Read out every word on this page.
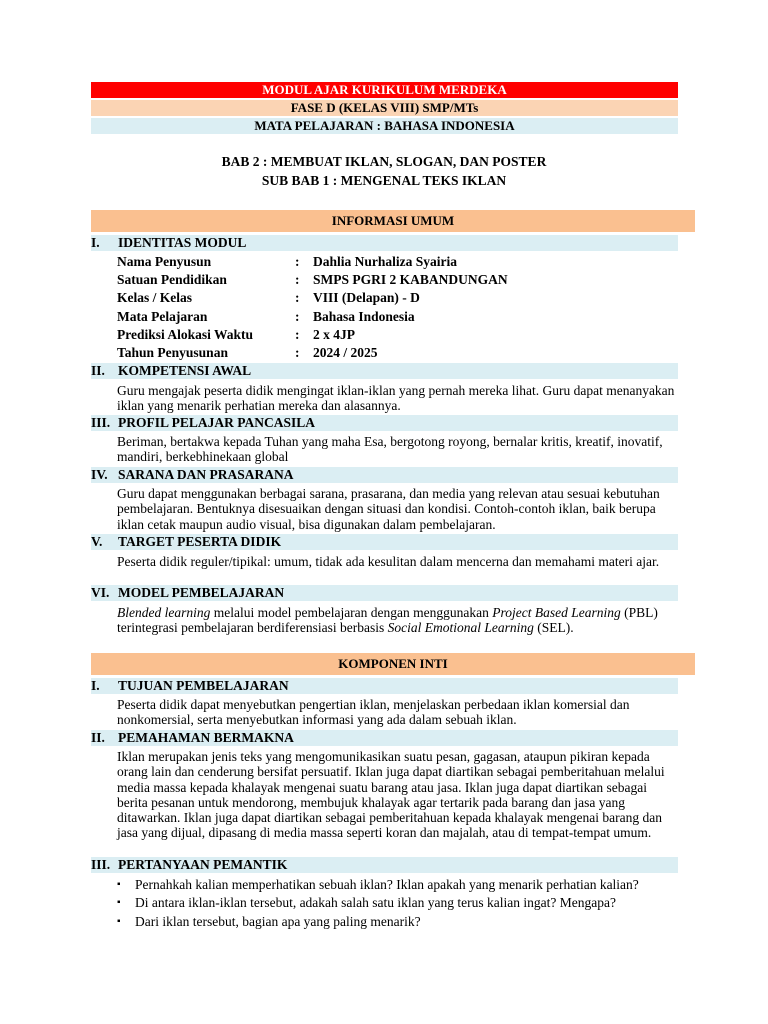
MODUL AJAR KURIKULUM MERDEKA
FASE D (KELAS VIII) SMP/MTs
MATA PELAJARAN : BAHASA INDONESIA
BAB 2 : MEMBUAT IKLAN, SLOGAN, DAN POSTER
SUB BAB 1 : MENGENAL TEKS IKLAN
INFORMASI UMUM
I. IDENTITAS MODUL
Nama Penyusun	: Dahlia Nurhaliza Syairia
Satuan Pendidikan	: SMPS PGRI 2 KABANDUNGAN
Kelas / Kelas	: VIII (Delapan) - D
Mata Pelajaran	: Bahasa Indonesia
Prediksi Alokasi Waktu	: 2 x 4JP
Tahun Penyusunan	: 2024 / 2025
II. KOMPETENSI AWAL
Guru mengajak peserta didik mengingat iklan-iklan yang pernah mereka lihat. Guru dapat menanyakan iklan yang menarik perhatian mereka dan alasannya.
III. PROFIL PELAJAR PANCASILA
Beriman, bertakwa kepada Tuhan yang maha Esa, bergotong royong, bernalar kritis, kreatif, inovatif, mandiri, berkebhinekaan global
IV. SARANA DAN PRASARANA
Guru dapat menggunakan berbagai sarana, prasarana, dan media yang relevan atau sesuai kebutuhan pembelajaran. Bentuknya disesuaikan dengan situasi dan kondisi. Contoh-contoh iklan, baik berupa iklan cetak maupun audio visual, bisa digunakan dalam pembelajaran.
V. TARGET PESERTA DIDIK
Peserta didik reguler/tipikal: umum, tidak ada kesulitan dalam mencerna dan memahami materi ajar.
VI. MODEL PEMBELAJARAN
Blended learning melalui model pembelajaran dengan menggunakan Project Based Learning (PBL) terintegrasi pembelajaran berdiferensiasi berbasis Social Emotional Learning (SEL).
KOMPONEN INTI
I. TUJUAN PEMBELAJARAN
Peserta didik dapat menyebutkan pengertian iklan, menjelaskan perbedaan iklan komersial dan nonkomersial, serta menyebutkan informasi yang ada dalam sebuah iklan.
II. PEMAHAMAN BERMAKNA
Iklan merupakan jenis teks yang mengomunikasikan suatu pesan, gagasan, ataupun pikiran kepada orang lain dan cenderung bersifat persuatif. Iklan juga dapat diartikan sebagai pemberitahuan melalui media massa kepada khalayak mengenai suatu barang atau jasa. Iklan juga dapat diartikan sebagai berita pesanan untuk mendorong, membujuk khalayak agar tertarik pada barang dan jasa yang ditawarkan. Iklan juga dapat diartikan sebagai pemberitahuan kepada khalayak mengenai barang dan jasa yang dijual, dipasang di media massa seperti koran dan majalah, atau di tempat-tempat umum.
III. PERTANYAAN PEMANTIK
▪ Pernahkah kalian memperhatikan sebuah iklan? Iklan apakah yang menarik perhatian kalian?
▪ Di antara iklan-iklan tersebut, adakah salah satu iklan yang terus kalian ingat? Mengapa?
▪ Dari iklan tersebut, bagian apa yang paling menarik?
